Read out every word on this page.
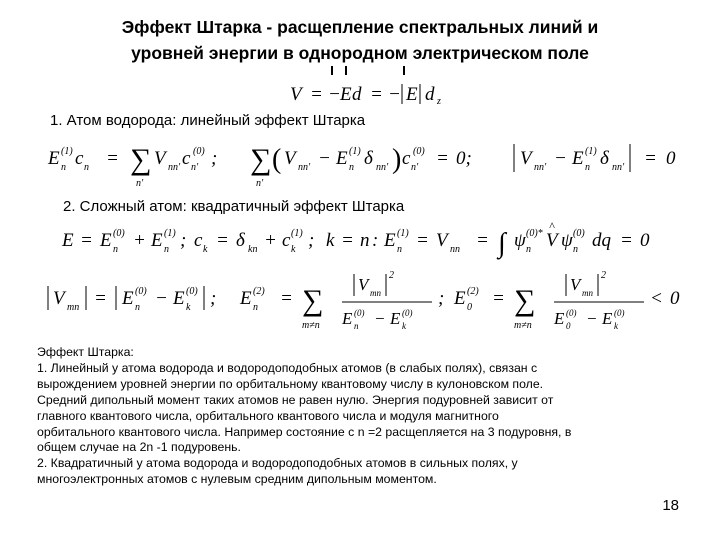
Эффект Штарка - расщепление спектральных линий и
уровней энергии в однородном электрическом поле
V = − E d = − E d z
1. Атом водорода: линейный эффект Штарка
E (1)
n c n = ∑
n′
V nn′ c n′
(0) ; ∑
n′
( V nn′ − E (1)
n δ nn′ ) c n′
(0) = 0;	V nn′ − E (1)
n δ nn′ = 0
2. Сложный атом: квадратичный эффект Штарка
E = E (0)
n + E (1)
n ; c k = δ kn + c k
(1) ; k = n : E (1)
n = V nn = ∫ ψ (0)*
n V
^
ψ (0)
n dq = 0
V mn = E (0)
n − E (0)
k ; E (2)
n = ∑
m≠n
V mn
2
E (0)
n − E (0)
k
; E (2)
0 = ∑
m≠n
V mn
2
E (0)
0 − E (0)
k
< 0
Эффект Штарка:
1. Линейный у атома водорода и водородоподобных атомов (в слабых полях), связан с
вырождением уровней энергии по орбитальному квантовому числу в кулоновском поле.
Средний дипольный момент таких атомов не равен нулю. Энергия подуровней зависит от
главного квантового числа, орбитального квантового числа и модуля магнитного
орбитального квантового числа. Например состояние с n =2 расщепляется на 3 подуровня, в
общем случае на 2n -1 подуровень.
2. Квадратичный у атома водорода и водородоподобных атомов в сильных полях, у
многоэлектронных атомов с нулевым средним дипольным моментом.
18
